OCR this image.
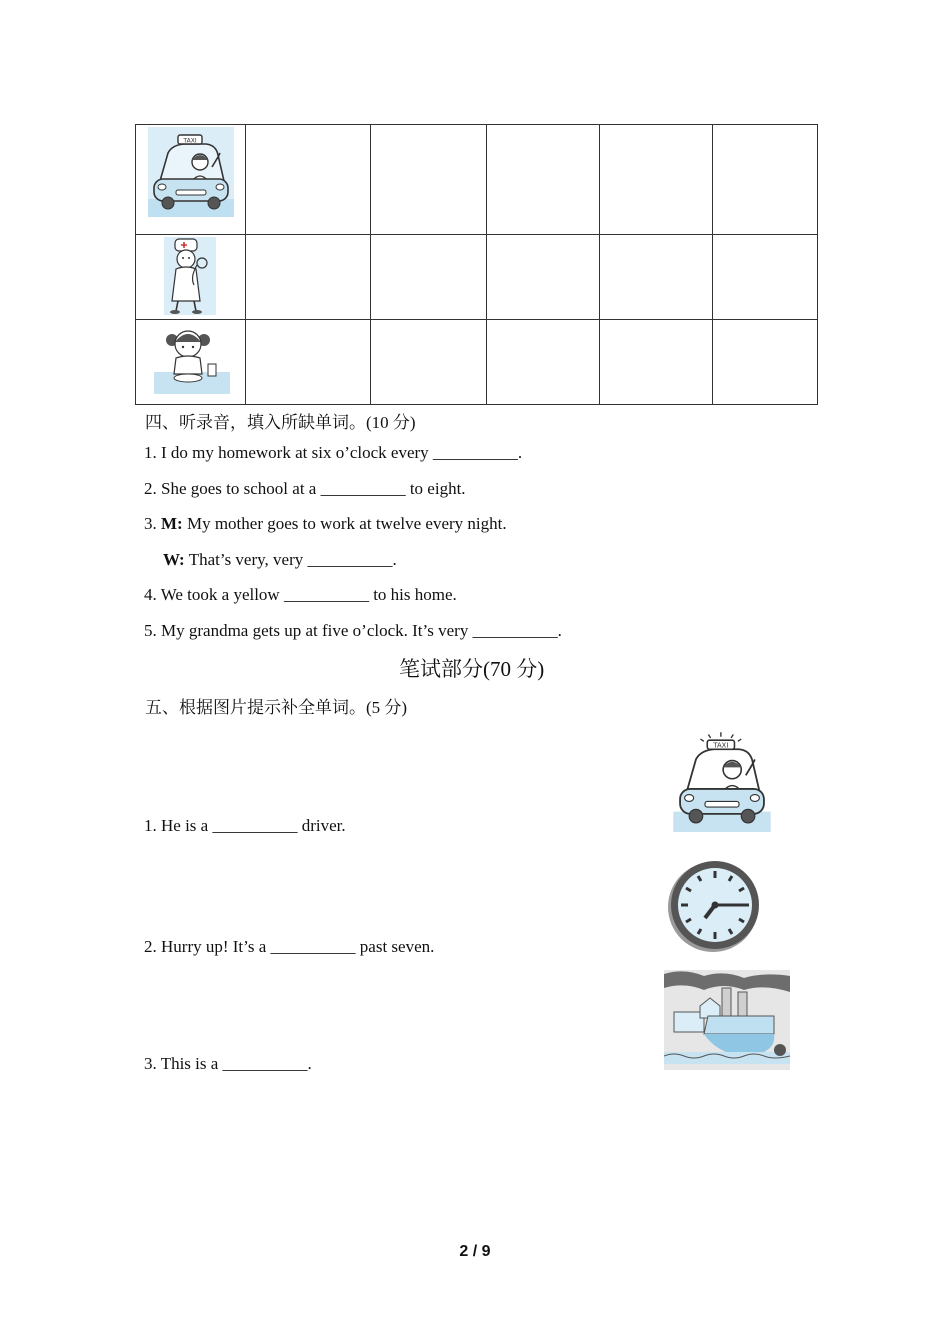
TAXI					

四、听录音，填入所缺单词。(10 分)
1. I do my homework at six o’clock every __________.
2. She goes to school at a __________ to eight.
3. M: My mother goes to work at twelve every night.
W: That’s very, very __________.
4. We took a yellow __________ to his home.
5. My grandma gets up at five o’clock. It’s very __________.
笔试部分(70 分)
五、根据图片提示补全单词。(5 分)
1. He is a __________ driver.
2. Hurry up! It’s a __________ past seven.
3. This is a __________.
TAXI
2 / 9
